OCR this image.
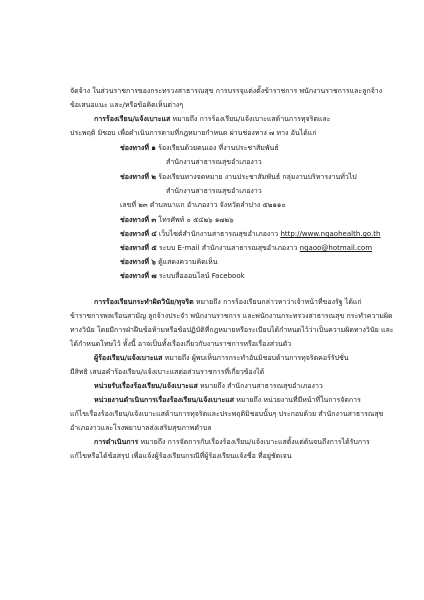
จัดจ้าง ในส่วนราชการของกระทรวงสาธารณสุข การบรรจุแต่งตั้งข้าราชการ พนักงานราชการและลูกจ้าง
ข้อเสนอแนะ และ/หรือข้อคิดเห็นต่างๆ
การร้องเรียน/แจ้งเบาะแส หมายถึง การร้องเรียน/แจ้งเบาะแสด้านการทุจริตและ
ประพฤติ มิชอบ เพื่อดำเนินการตามที่กฎหมายกำหนด ผ่านช่องทาง ๗ ทาง อันได้แก่
ช่องทางที่ ๑ ร้องเรียนด้วยตนเอง ที่งานประชาสัมพันธ์
สำนักงานสาธารณสุขอำเภองาว
ช่องทางที่ ๒ ร้องเรียนทางจดหมาย งานประชาสัมพันธ์ กลุ่มงานบริหารงานทั่วไป
สำนักงานสาธารณสุขอำเภองาว
เลขที่ ๒๓ ตำบลนาแก อำเภองาว จังหวัดลำปาง ๕๒๑๑๐
ช่องทางที่ ๓ โทรศัพท์ ๐ ๕๔๒๖ ๑๗๒๖
ช่องทางที่ ๔ เว็บไซต์สำนักงานสาธารณสุขอำเภองาว http://www.ngaohealth.go.th
ช่องทางที่ ๕ ระบบ E-mail สำนักงานสาธารณสุขอำเภองาว ngaoo@hotmail.com
ช่องทางที่ ๖ ตู้แสดงความคิดเห็น
ช่องทางที่ ๗ ระบบสื่อออนไลน์ Facebook
การร้องเรียนกระทำผิดวินัย/ทุจริต หมายถึง การร้องเรียนกล่าวหาว่าเจ้าหน้าที่ของรัฐ ได้แก่
ข้าราชการพลเรือนสามัญ ลูกจ้างประจำ พนักงานราชการ และพนักงานกระทรวงสาธารณสุข กระทำความผิด
ทางวินัย โดยมีการฝ่าฝืนข้อห้ามหรือข้อปฏิบัติที่กฎหมายหรือระเบียบได้กำหนดไว้ว่าเป็นความผิดทางวินัย และ
ได้กำหนดโทษไว้ ทั้งนี้ อาจเป็นทั้งเรื่องเกี่ยวกับงานราชการหรือเรื่องส่วนตัว
ผู้ร้องเรียน/แจ้งเบาะแส หมายถึง ผู้พบเห็นการกระทำอันมิชอบด้านการทุจริตคอร์รัปชั่น
มีสิทธิ เสนอคำร้องเรียน/แจ้งเบาะแสต่อส่วนราชการที่เกี่ยวข้องได้
หน่วยรับเรื่องร้องเรียน/แจ้งเบาะแส หมายถึง สำนักงานสาธารณสุขอำเภองาว
หน่วยงานดำเนินการเรื่องร้องเรียน/แจ้งเบาะแส หมายถึง หน่วยงานที่มีหน้าที่ในการจัดการ
แก้ไขเรื่องร้องเรียน/แจ้งเบาะแสด้านการทุจริตและประพฤติมิชอบนั้นๆ ประกอบด้วย สำนักงานสาธารณสุข
อำเภองาวและโรงพยาบาลส่งเสริมสุขภาพตำบล
การดำเนินการ หมายถึง การจัดการกับเรื่องร้องเรียน/แจ้งเบาะแสตั้งแต่ต้นจนถึงการได้รับการ
แก้ไขหรือได้ข้อสรุป เพื่อแจ้งผู้ร้องเรียนกรณีที่ผู้ร้องเรียนแจ้งชื่อ ที่อยู่ชัดเจน
